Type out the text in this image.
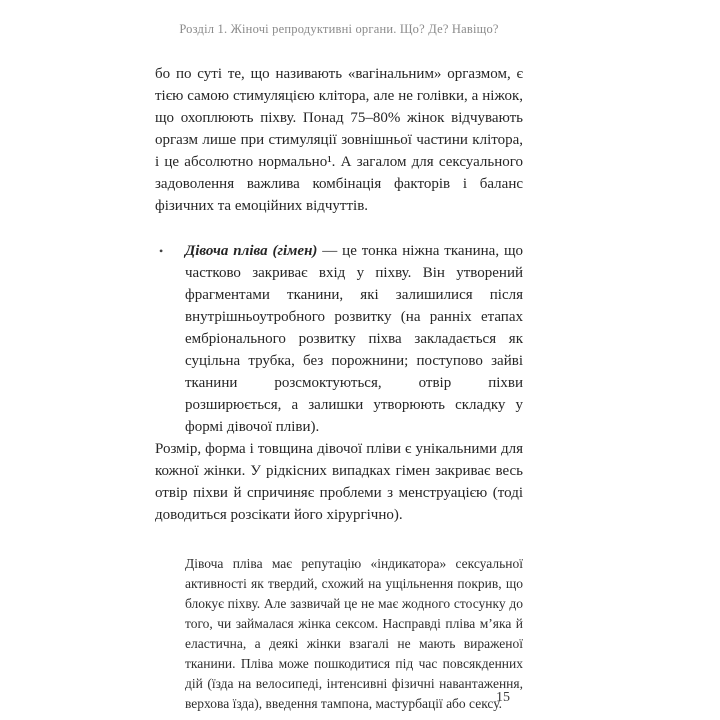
Розділ 1. Жіночі репродуктивні органи. Що? Де? Навіщо?

бо по суті те, що називають «вагінальним» оргазмом, є тією самою стимуляцією клітора, але не голівки, а ніжок, що охоплюють піхву. Понад 75–80% жінок відчувають оргазм лише при стимуляції зовнішньої частини клітора, і це абсолютно нормально¹. А загалом для сексуального задоволення важлива комбінація факторів і баланс фізичних та емоційних відчуттів.

•	Дівоча пліва (гімен) — це тонка ніжна тканина, що частково закриває вхід у піхву. Він утворений фрагментами тканини, які залишилися після внутрішньоутробного розвитку (на ранніх етапах ембріонального розвитку піхва закладається як суцільна трубка, без порожнини; поступово зайві тканини розсмоктуються, отвір піхви розширюється, а залишки утворюють складку у формі дівочої пліви).

Розмір, форма і товщина дівочої пліви є унікальними для кожної жінки. У рідкісних випадках гімен закриває весь отвір піхви й спричиняє проблеми з менструацією (тоді доводиться розсікати його хірургічно).

Дівоча пліва має репутацію «індикатора» сексуальної активності як твердий, схожий на ущільнення покрив, що блокує піхву. Але зазвичай це не має жодного стосунку до того, чи займалася жінка сексом. Насправді пліва м’яка й еластична, а деякі жінки взагалі не мають вираженої тканини. Пліва може пошкодитися під час повсякденних дій (їзда на велосипеді, інтенсивні фізичні навантаження, верхова їзда), введення тампона, мастурбації або сексу.
15
